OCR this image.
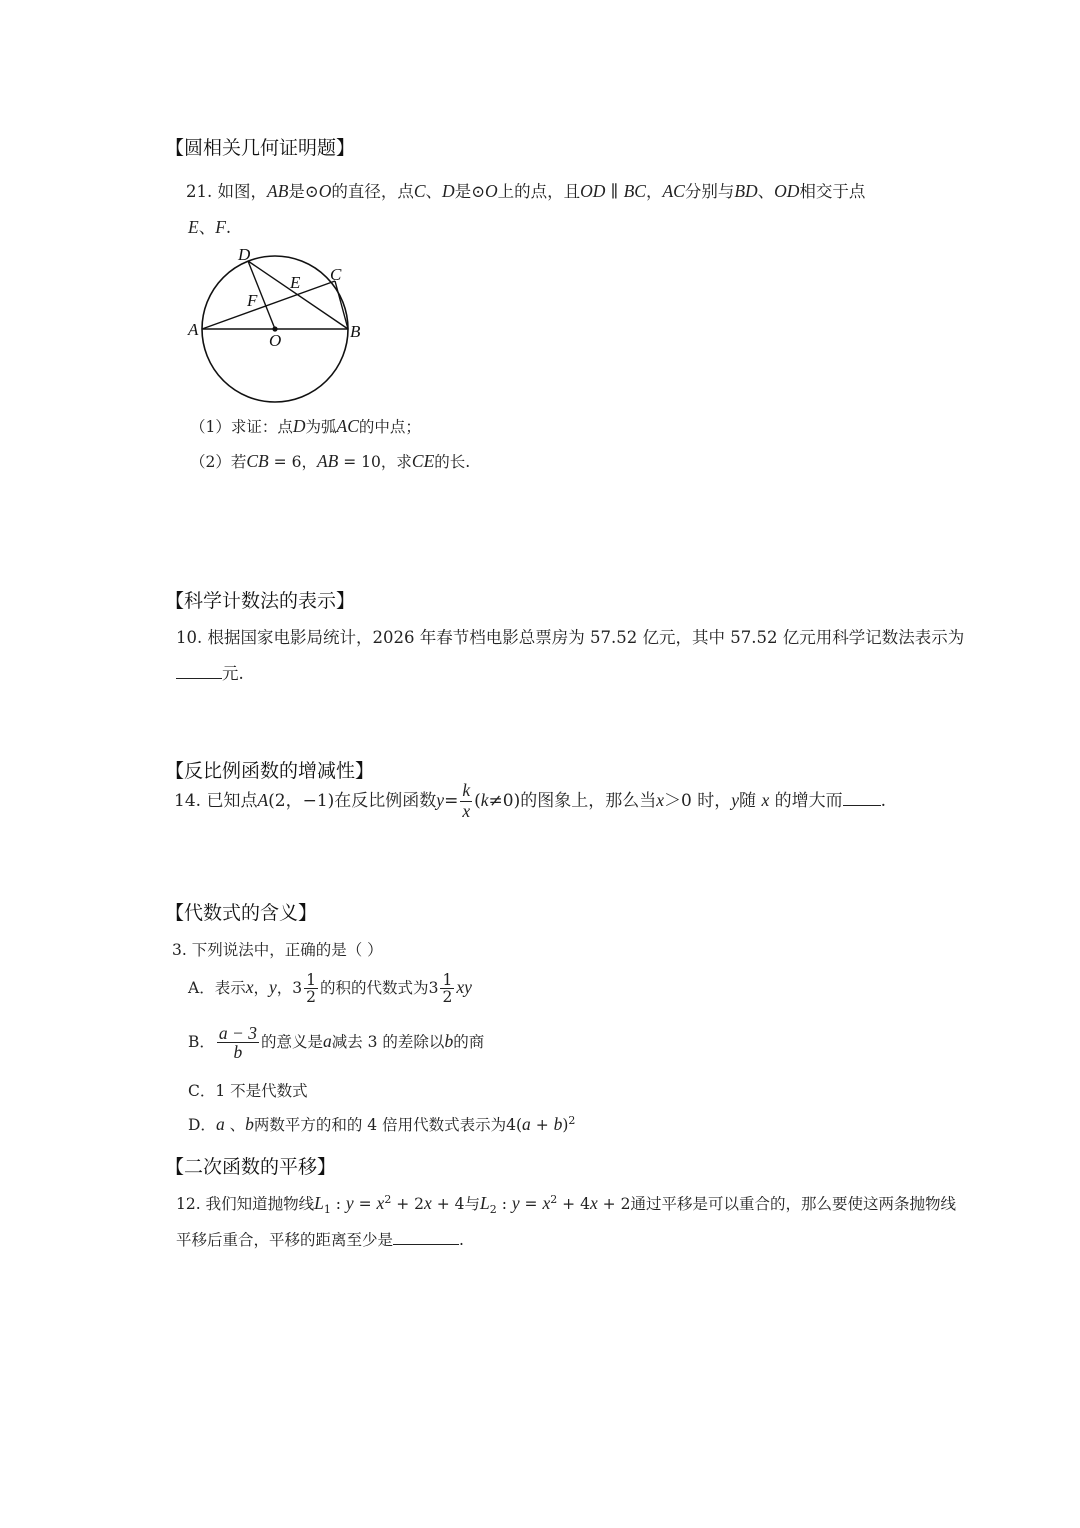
【圆相关几何证明题】
21. 如图，AB是⊙O的直径，点C、D是⊙O上的点，且OD ∥ BC，AC分别与BD、OD相交于点
E、F.
D
C
E
F
A
O	B
（1）求证：点D为弧AC的中点；
（2）若CB = 6，AB = 10，求CE的长.
【科学计数法的表示】
10. 根据国家电影局统计，2026 年春节档电影总票房为 57.52 亿元，其中 57.52 亿元用科学记数法表示为
元.
【反比例函数的增减性】
14. 已知点A(2，−1)在反比例函数$y= \frac{k}{x} (k\ne 0)$的图象上，那么当x＞0 时，y随 x 的增大而 .
【代数式的含义】
3. 下列说法中，正确的是（ ）
A．表示x，y，$3 \frac{1}{2}$ 的积的代数式为$3 \frac{1}{2}$ xy
B． $\frac{a - 3}{b}$ 的意义是a减去 3 的差除以b的商
C．1 不是代数式
D．a 、b两数平方的和的 4 倍用代数式表示为$4(a + b)^2$
【二次函数的平移】
12. 我们知道抛物线$L_1$ : $y = x^2 + 2x + 4$与$L_2$ : $y = x^2 + 4x + 2$通过平移是可以重合的，那么要使这两条抛物线
平移后重合，平移的距离至少是	.
